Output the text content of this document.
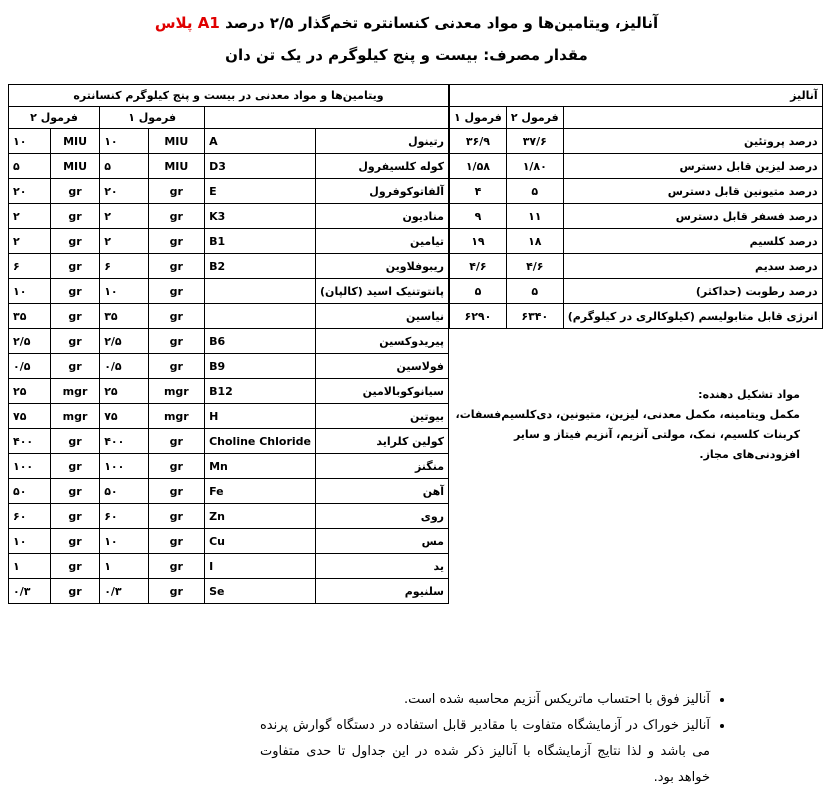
آنالیز، ویتامین‌ها و مواد معدنی کنسانتره تخم‌گذار ۲/۵ درصد A1 پلاس
مقدار مصرف: بیست و پنج کیلوگرم در یک تن دان
آنالیز		
فرمول ۱	فرمول ۲	
۳۶/۹	۳۷/۶	درصد پروتئین
۱/۵۸	۱/۸۰	درصد لیزین قابل دسترس
۴	۵	درصد متیونین قابل دسترس
۹	۱۱	درصد فسفر قابل دسترس
۱۹	۱۸	درصد کلسیم
۴/۶	۴/۶	درصد سدیم
۵	۵	درصد رطوبت (حداکثر)
۶۲۹۰	۶۳۴۰	انرژی قابل متابولیسم (کیلوکالری در کیلوگرم)
ویتامین‌ها و مواد معدنی در بیست و پنج کیلوگرم کنسانتره					
فرمول ۲		فرمول ۱			
۱۰	MIU	۱۰	MIU	A	رتینول
۵	MIU	۵	MIU	D3	کوله کلسیفرول
۲۰	gr	۲۰	gr	E	آلفاتوکوفرول
۲	gr	۲	gr	K3	منادیون
۲	gr	۲	gr	B1	تیامین
۶	gr	۶	gr	B2	ریبوفلاوین
۱۰	gr	۱۰	gr		پانتوتنیک اسید (کالپان)
۳۵	gr	۳۵	gr		نیاسین
۲/۵	gr	۲/۵	gr	B6	پیریدوکسین
۰/۵	gr	۰/۵	gr	B9	فولاسین
۲۵	mgr	۲۵	mgr	B12	سیانوکوبالامین
۷۵	mgr	۷۵	mgr	H	بیوتین
۴۰۰	gr	۴۰۰	gr	Choline Chloride	کولین کلراید
۱۰۰	gr	۱۰۰	gr	Mn	منگنز
۵۰	gr	۵۰	gr	Fe	آهن
۶۰	gr	۶۰	gr	Zn	روی
۱۰	gr	۱۰	gr	Cu	مس
۱	gr	۱	gr	I	ید
۰/۳	gr	۰/۳	gr	Se	سلنیوم
مواد تشکیل دهنده:
مکمل ویتامینه، مکمل معدنی، لیزین، متیونین، دی‌کلسیم‌فسفات، کربنات کلسیم، نمک، مولتی آنزیم، آنزیم فیتاز و سایر افزودنی‌های مجاز.
• آنالیز فوق با احتساب ماتریکس آنزیم محاسبه شده است.
• آنالیز خوراک در آزمایشگاه متفاوت با مقادیر قابل استفاده در دستگاه گوارش پرنده می باشد و لذا نتایج آزمایشگاه با آنالیز ذکر شده در این جداول تا حدی متفاوت خواهد بود.
